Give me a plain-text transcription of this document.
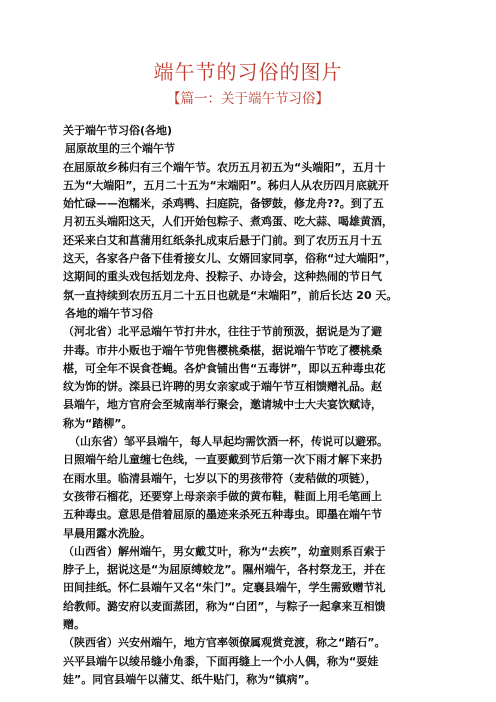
端午节的习俗的图片
【篇一：关于端午节习俗】
关于端午节习俗(各地)
屈原故里的三个端午节
在屈原故乡秭归有三个端午节。农历五月初五为“头端阳”，五月十
五为“大端阳”，五月二十五为“末端阳”。秭归人从农历四月底就开
始忙碌——泡糯米，杀鸡鸭、扫庭院，备锣鼓，修龙舟??。到了五
月初五头端阳这天，人们开始包粽子、煮鸡蛋、吃大蒜、喝雄黄酒，
还采来白艾和菖蒲用红纸条扎成束后悬于门前。到了农历五月十五
这天，各家各户备下佳肴接女儿、女婿回家同享，俗称“过大端阳”，
这期间的重头戏包括划龙舟、投粽子、办诗会，这种热闹的节日气
氛一直持续到农历五月二十五日也就是“末端阳”，前后长达 20 天。
各地的端午节习俗
（河北省）北平忌端午节打井水，往往于节前预汲，据说是为了避
井毒。市井小贩也于端午节兜售樱桃桑椹，据说端午节吃了樱桃桑
椹，可全年不误食苍蝇。各炉食铺出售“五毒饼”，即以五种毒虫花
纹为饰的饼。滦县已许聘的男女亲家或于端午节互相馈赠礼品。赵
县端午，地方官府会至城南举行聚会，邀请城中士大夫宴饮赋诗，
称为“踏柳”。
（山东省）邹平县端午，每人早起均需饮酒一杯，传说可以避邪。
日照端午给儿童缠七色线，一直要戴到节后第一次下雨才解下来扔
在雨水里。临清县端午，七岁以下的男孩带符（麦秸做的项链），
女孩带石榴花，还要穿上母亲亲手做的黄布鞋，鞋面上用毛笔画上
五种毒虫。意思是借着屈原的墨迹来杀死五种毒虫。即墨在端午节
早晨用露水洗脸。
（山西省）解州端午，男女戴艾叶，称为“去疾”，幼童则系百索于
脖子上，据说这是“为屈原缚蛟龙”。隰州端午，各村祭龙王，并在
田间挂纸。怀仁县端午又名“朱门”。定襄县端午，学生需致赠节礼
给教师。潞安府以麦面蒸团，称为“白团”，与粽子一起拿来互相馈
赠。
（陕西省）兴安州端午，地方官率领僚属观赏竞渡，称之“踏石”。
兴平县端午以绫吊缝小角黍，下面再缝上一个小人偶，称为“耍娃
娃”。同官县端午以蒲艾、纸牛贴门，称为“镇病”。
